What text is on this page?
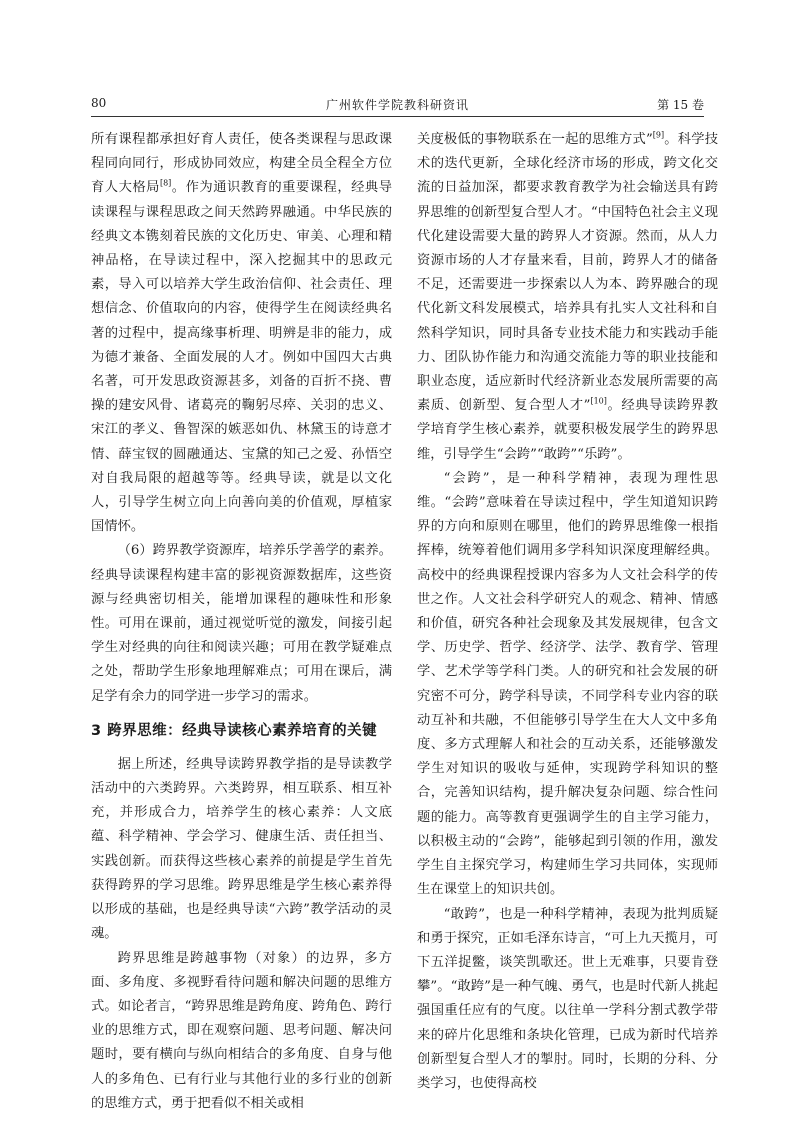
80	广州软件学院教科研资讯	第 15 卷

所有课程都承担好育人责任，使各类课程与思政课程同向同行，形成协同效应，构建全员全程全方位育人大格局[8]。作为通识教育的重要课程，经典导读课程与课程思政之间天然跨界融通。中华民族的经典文本镌刻着民族的文化历史、审美、心理和精神品格，在导读过程中，深入挖掘其中的思政元素，导入可以培养大学生政治信仰、社会责任、理想信念、价值取向的内容，使得学生在阅读经典名著的过程中，提高缘事析理、明辨是非的能力，成为德才兼备、全面发展的人才。例如中国四大古典名著，可开发思政资源甚多，刘备的百折不挠、曹操的建安风骨、诸葛亮的鞠躬尽瘁、关羽的忠义、宋江的孝义、鲁智深的嫉恶如仇、林黛玉的诗意才情、薛宝钗的圆融通达、宝黛的知己之爱、孙悟空对自我局限的超越等等。经典导读，就是以文化人，引导学生树立向上向善向美的价值观，厚植家国情怀。

（6）跨界教学资源库，培养乐学善学的素养。经典导读课程构建丰富的影视资源数据库，这些资源与经典密切相关，能增加课程的趣味性和形象性。可用在课前，通过视觉听觉的激发，间接引起学生对经典的向往和阅读兴趣；可用在教学疑难点之处，帮助学生形象地理解难点；可用在课后，满足学有余力的同学进一步学习的需求。

3 跨界思维：经典导读核心素养培育的关键

据上所述，经典导读跨界教学指的是导读教学活动中的六类跨界。六类跨界，相互联系、相互补充，并形成合力，培养学生的核心素养：人文底蕴、科学精神、学会学习、健康生活、责任担当、实践创新。而获得这些核心素养的前提是学生首先获得跨界的学习思维。跨界思维是学生核心素养得以形成的基础，也是经典导读“六跨”教学活动的灵魂。

跨界思维是跨越事物（对象）的边界，多方面、多角度、多视野看待问题和解决问题的思维方式。如论者言，“跨界思维是跨角度、跨角色、跨行业的思维方式，即在观察问题、思考问题、解决问题时，要有横向与纵向相结合的多角度、自身与他人的多角色、已有行业与其他行业的多行业的创新的思维方式，勇于把看似不相关或相

关度极低的事物联系在一起的思维方式”[9]。科学技术的迭代更新，全球化经济市场的形成，跨文化交流的日益加深，都要求教育教学为社会输送具有跨界思维的创新型复合型人才。“中国特色社会主义现代化建设需要大量的跨界人才资源。然而，从人力资源市场的人才存量来看，目前，跨界人才的储备不足，还需要进一步探索以人为本、跨界融合的现代化新文科发展模式，培养具有扎实人文社科和自然科学知识，同时具备专业技术能力和实践动手能力、团队协作能力和沟通交流能力等的职业技能和职业态度，适应新时代经济新业态发展所需要的高素质、创新型、复合型人才”[10]。经典导读跨界教学培育学生核心素养，就要积极发展学生的跨界思维，引导学生“会跨”“敢跨”“乐跨”。

“会跨”，是一种科学精神，表现为理性思维。“会跨”意味着在导读过程中，学生知道知识跨界的方向和原则在哪里，他们的跨界思维像一根指挥棒，统筹着他们调用多学科知识深度理解经典。高校中的经典课程授课内容多为人文社会科学的传世之作。人文社会科学研究人的观念、精神、情感和价值，研究各种社会现象及其发展规律，包含文学、历史学、哲学、经济学、法学、教育学、管理学、艺术学等学科门类。人的研究和社会发展的研究密不可分，跨学科导读，不同学科专业内容的联动互补和共融，不但能够引导学生在大人文中多角度、多方式理解人和社会的互动关系，还能够激发学生对知识的吸收与延伸，实现跨学科知识的整合，完善知识结构，提升解决复杂问题、综合性问题的能力。高等教育更强调学生的自主学习能力，以积极主动的“会跨”，能够起到引领的作用，激发学生自主探究学习，构建师生学习共同体，实现师生在课堂上的知识共创。

“敢跨”，也是一种科学精神，表现为批判质疑和勇于探究，正如毛泽东诗言，“可上九天揽月，可下五洋捉鳖，谈笑凯歌还。世上无难事，只要肯登攀”。“敢跨”是一种气魄、勇气，也是时代新人挑起强国重任应有的气度。以往单一学科分割式教学带来的碎片化思维和条块化管理，已成为新时代培养创新型复合型人才的掣肘。同时，长期的分科、分类学习，也使得高校
